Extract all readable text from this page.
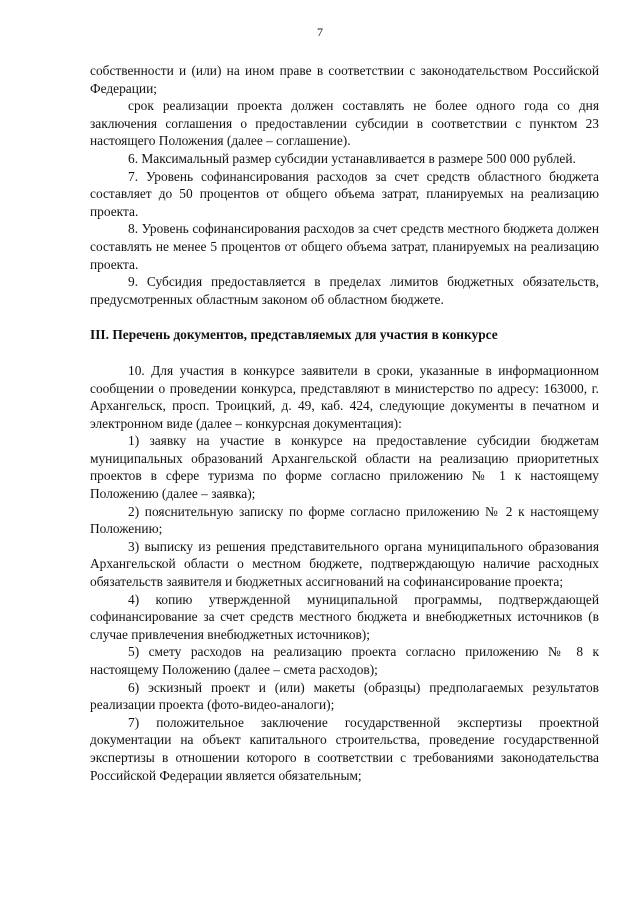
7

собственности и (или) на ином праве в соответствии с законодательством Российской Федерации;

срок реализации проекта должен составлять не более одного года со дня заключения соглашения о предоставлении субсидии в соответствии с пунктом 23 настоящего Положения (далее – соглашение).

6. Максимальный размер субсидии устанавливается в размере 500 000 рублей.

7. Уровень софинансирования расходов за счет средств областного бюджета составляет до 50 процентов от общего объема затрат, планируемых на реализацию проекта.

8. Уровень софинансирования расходов за счет средств местного бюджета должен составлять не менее 5 процентов от общего объема затрат, планируемых на реализацию проекта.

9. Субсидия предоставляется в пределах лимитов бюджетных обязательств, предусмотренных областным законом об областном бюджете.

III. Перечень документов, представляемых для участия в конкурсе

10. Для участия в конкурсе заявители в сроки, указанные в информационном сообщении о проведении конкурса, представляют в министерство по адресу: 163000, г. Архангельск, просп. Троицкий, д. 49, каб. 424, следующие документы в печатном и электронном виде (далее – конкурсная документация):

1) заявку на участие в конкурсе на предоставление субсидии бюджетам муниципальных образований Архангельской области на реализацию приоритетных проектов в сфере туризма по форме согласно приложению № 1 к настоящему Положению (далее – заявка);

2) пояснительную записку по форме согласно приложению № 2 к настоящему Положению;

3) выписку из решения представительного органа муниципального образования Архангельской области о местном бюджете, подтверждающую наличие расходных обязательств заявителя и бюджетных ассигнований на софинансирование проекта;

4) копию утвержденной муниципальной программы, подтверждающей софинансирование за счет средств местного бюджета и внебюджетных источников (в случае привлечения внебюджетных источников);

5) смету расходов на реализацию проекта согласно приложению № 8 к настоящему Положению (далее – смета расходов);

6) эскизный проект и (или) макеты (образцы) предполагаемых результатов реализации проекта (фото-видео-аналоги);

7) положительное заключение государственной экспертизы проектной документации на объект капитального строительства, проведение государственной экспертизы в отношении которого в соответствии с требованиями законодательства Российской Федерации является обязательным;
